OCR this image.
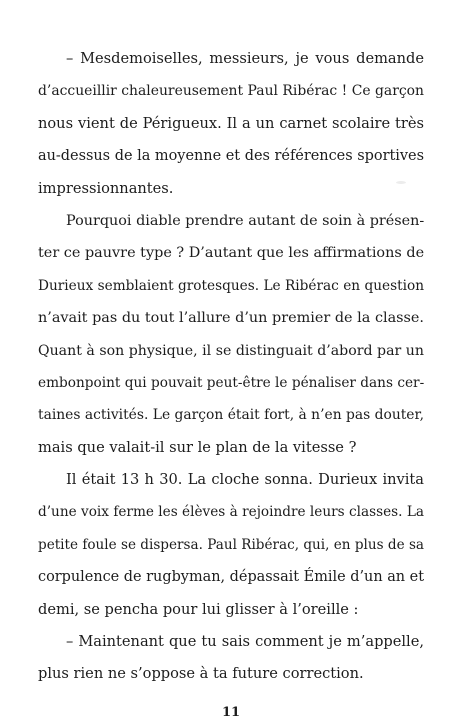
– Mesdemoiselles, messieurs, je vous demande
d’accueillir chaleureusement Paul Ribérac ! Ce garçon
nous vient de Périgueux. Il a un carnet scolaire très
au-dessus de la moyenne et des références sportives
impressionnantes.
Pourquoi diable prendre autant de soin à présen-
ter ce pauvre type ? D’autant que les affirmations de
Durieux semblaient grotesques. Le Ribérac en question
n’avait pas du tout l’allure d’un premier de la classe.
Quant à son physique, il se distinguait d’abord par un
embonpoint qui pouvait peut-être le pénaliser dans cer-
taines activités. Le garçon était fort, à n’en pas douter,
mais que valait-il sur le plan de la vitesse ?
Il était 13 h 30. La cloche sonna. Durieux invita
d’une voix ferme les élèves à rejoindre leurs classes. La
petite foule se dispersa. Paul Ribérac, qui, en plus de sa
corpulence de rugbyman, dépassait Émile d’un an et
demi, se pencha pour lui glisser à l’oreille :
– Maintenant que tu sais comment je m’appelle,
plus rien ne s’oppose à ta future correction.
11
